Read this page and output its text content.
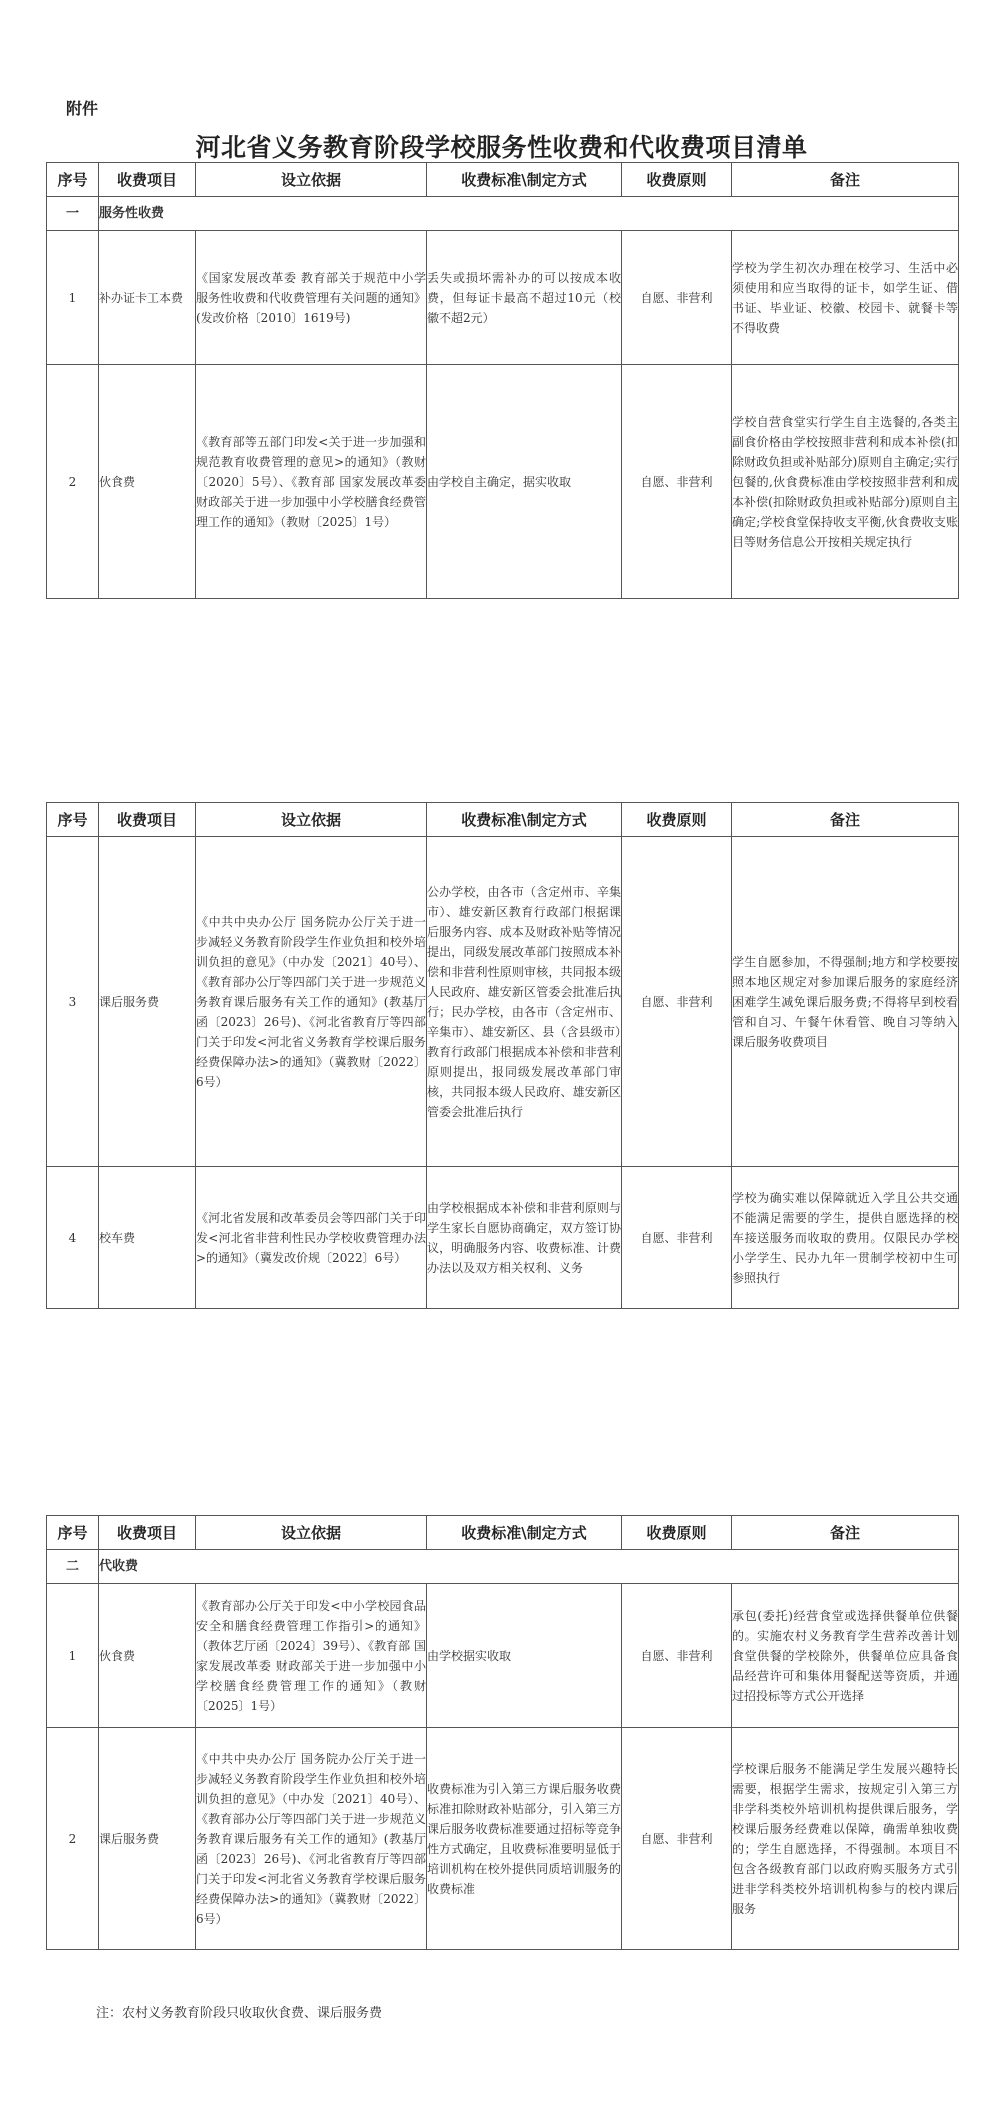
附件
河北省义务教育阶段学校服务性收费和代收费项目清单
序号	收费项目	设立依据	收费标准\制定方式	收费原则	备注
一	服务性收费				
1	补办证卡工本费	《国家发展改革委 教育部关于规范中小学服务性收费和代收费管理有关问题的通知》(发改价格〔2010〕1619号)	丢失或损坏需补办的可以按成本收费，但每证卡最高不超过10元（校徽不超2元）	自愿、非营利	学校为学生初次办理在校学习、生活中必须使用和应当取得的证卡，如学生证、借书证、毕业证、校徽、校园卡、就餐卡等不得收费
2	伙食费	《教育部等五部门印发<关于进一步加强和规范教育收费管理的意见>的通知》（教财〔2020〕5号）、《教育部 国家发展改革委 财政部关于进一步加强中小学校膳食经费管理工作的通知》（教财〔2025〕1号）	由学校自主确定，据实收取	自愿、非营利	学校自营食堂实行学生自主选餐的,各类主副食价格由学校按照非营利和成本补偿(扣除财政负担或补贴部分)原则自主确定;实行包餐的,伙食费标准由学校按照非营利和成本补偿(扣除财政负担或补贴部分)原则自主确定;学校食堂保持收支平衡,伙食费收支账目等财务信息公开按相关规定执行
序号	收费项目	设立依据	收费标准\制定方式	收费原则	备注
3	课后服务费	《中共中央办公厅 国务院办公厅关于进一步减轻义务教育阶段学生作业负担和校外培训负担的意见》（中办发〔2021〕40号）、《教育部办公厅等四部门关于进一步规范义务教育课后服务有关工作的通知》(教基厅函〔2023〕26号)、《河北省教育厅等四部门关于印发<河北省义务教育学校课后服务经费保障办法>的通知》（冀教财〔2022〕6号）	公办学校，由各市（含定州市、辛集市）、雄安新区教育行政部门根据课后服务内容、成本及财政补贴等情况提出，同级发展改革部门按照成本补偿和非营利性原则审核，共同报本级人民政府、雄安新区管委会批准后执行；民办学校，由各市（含定州市、辛集市）、雄安新区、县（含县级市）教育行政部门根据成本补偿和非营利原则提出，报同级发展改革部门审核，共同报本级人民政府、雄安新区管委会批准后执行	自愿、非营利	学生自愿参加，不得强制;地方和学校要按照本地区规定对参加课后服务的家庭经济困难学生减免课后服务费;不得将早到校看管和自习、午餐午休看管、晚自习等纳入课后服务收费项目
4	校车费	《河北省发展和改革委员会等四部门关于印发<河北省非营利性民办学校收费管理办法>的通知》（冀发改价规〔2022〕6号）	由学校根据成本补偿和非营利原则与学生家长自愿协商确定，双方签订协议，明确服务内容、收费标准、计费办法以及双方相关权利、义务	自愿、非营利	学校为确实难以保障就近入学且公共交通不能满足需要的学生，提供自愿选择的校车接送服务而收取的费用。仅限民办学校小学学生、民办九年一贯制学校初中生可参照执行
序号	收费项目	设立依据	收费标准\制定方式	收费原则	备注
二	代收费				
1	伙食费	《教育部办公厅关于印发<中小学校园食品安全和膳食经费管理工作指引>的通知》（教体艺厅函〔2024〕39号）、《教育部 国家发展改革委 财政部关于进一步加强中小学校膳食经费管理工作的通知》（教财〔2025〕1号）	由学校据实收取	自愿、非营利	承包(委托)经营食堂或选择供餐单位供餐的。实施农村义务教育学生营养改善计划食堂供餐的学校除外，供餐单位应具备食品经营许可和集体用餐配送等资质，并通过招投标等方式公开选择
2	课后服务费	《中共中央办公厅 国务院办公厅关于进一步减轻义务教育阶段学生作业负担和校外培训负担的意见》（中办发〔2021〕40号）、《教育部办公厅等四部门关于进一步规范义务教育课后服务有关工作的通知》(教基厅函〔2023〕26号)、《河北省教育厅等四部门关于印发<河北省义务教育学校课后服务经费保障办法>的通知》（冀教财〔2022〕6号）	收费标准为引入第三方课后服务收费标准扣除财政补贴部分，引入第三方课后服务收费标准要通过招标等竞争性方式确定，且收费标准要明显低于培训机构在校外提供同质培训服务的收费标准	自愿、非营利	学校课后服务不能满足学生发展兴趣特长需要，根据学生需求，按规定引入第三方非学科类校外培训机构提供课后服务，学校课后服务经费难以保障，确需单独收费的；学生自愿选择，不得强制。本项目不包含各级教育部门以政府购买服务方式引进非学科类校外培训机构参与的校内课后服务
注：农村义务教育阶段只收取伙食费、课后服务费
